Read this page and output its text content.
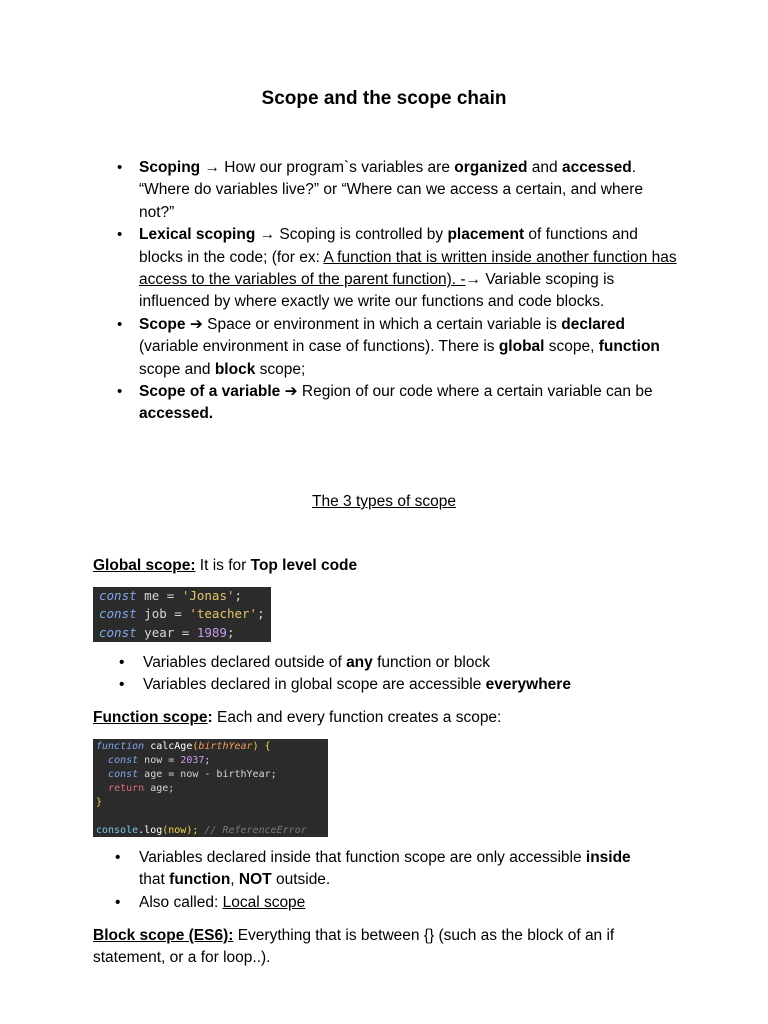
Scope and the scope chain
• Scoping → How our program`s variables are organized and accessed.
“Where do variables live?” or “Where can we access a certain, and where not?”
• Lexical scoping → Scoping is controlled by placement of functions and blocks in the code; (for ex: A function that is written inside another function has access to the variables of the parent function). -→ Variable scoping is influenced by where exactly we write our functions and code blocks.
• Scope ➔ Space or environment in which a certain variable is declared (variable environment in case of functions). There is global scope, function scope and block scope;
• Scope of a variable ➔ Region of our code where a certain variable can be accessed.
The 3 types of scope
Global scope: It is for Top level code
const me = 'Jonas';
const job = 'teacher';
const year = 1989;
• Variables declared outside of any function or block
• Variables declared in global scope are accessible everywhere
Function scope: Each and every function creates a scope:
function calcAge(birthYear) {
const now = 2037;
const age = now - birthYear;
return age;
}

console.log(now); // ReferenceError
• Variables declared inside that function scope are only accessible inside that function, NOT outside.
• Also called: Local scope
Block scope (ES6): Everything that is between {} (such as the block of an if statement, or a for loop..).
